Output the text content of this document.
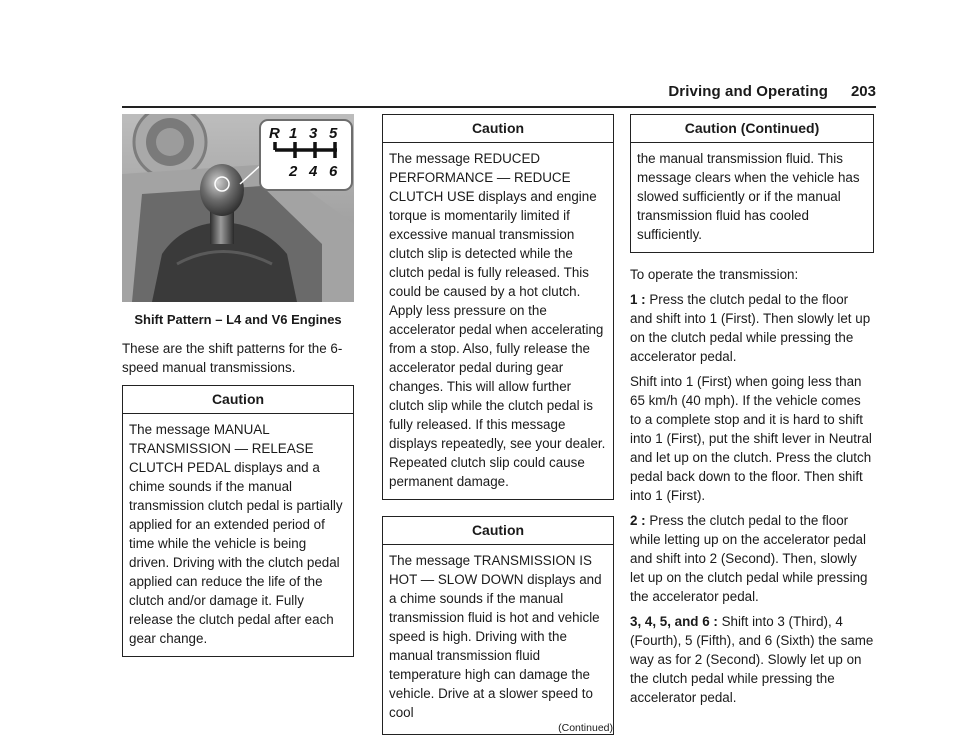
Driving and Operating 203
R 1 3 5
2 4 6
Shift Pattern – L4 and V6 Engines

These are the shift patterns for the 6-speed manual transmissions.

Caution
The message MANUAL TRANSMISSION — RELEASE CLUTCH PEDAL displays and a chime sounds if the manual transmission clutch pedal is partially applied for an extended period of time while the vehicle is being driven. Driving with the clutch pedal applied can reduce the life of the clutch and/or damage it. Fully release the clutch pedal after each gear change.
Caution
The message REDUCED PERFORMANCE — REDUCE CLUTCH USE displays and engine torque is momentarily limited if excessive manual transmission clutch slip is detected while the clutch pedal is fully released. This could be caused by a hot clutch. Apply less pressure on the accelerator pedal when accelerating from a stop. Also, fully release the accelerator pedal during gear changes. This will allow further clutch slip while the clutch pedal is fully released. If this message displays repeatedly, see your dealer. Repeated clutch slip could cause permanent damage.
Caution
The message TRANSMISSION IS HOT — SLOW DOWN displays and a chime sounds if the manual transmission fluid is hot and vehicle speed is high. Driving with the manual transmission fluid temperature high can damage the vehicle. Drive at a slower speed to cool
(Continued)
Caution (Continued)
the manual transmission fluid. This message clears when the vehicle has slowed sufficiently or if the manual transmission fluid has cooled sufficiently.

To operate the transmission:

1 : Press the clutch pedal to the floor and shift into 1 (First). Then slowly let up on the clutch pedal while pressing the accelerator pedal.

Shift into 1 (First) when going less than 65 km/h (40 mph). If the vehicle comes to a complete stop and it is hard to shift into 1 (First), put the shift lever in Neutral and let up on the clutch. Press the clutch pedal back down to the floor. Then shift into 1 (First).

2 : Press the clutch pedal to the floor while letting up on the accelerator pedal and shift into 2 (Second). Then, slowly let up on the clutch pedal while pressing the accelerator pedal.

3, 4, 5, and 6 : Shift into 3 (Third), 4 (Fourth), 5 (Fifth), and 6 (Sixth) the same way as for 2 (Second). Slowly let up on the clutch pedal while pressing the accelerator pedal.
